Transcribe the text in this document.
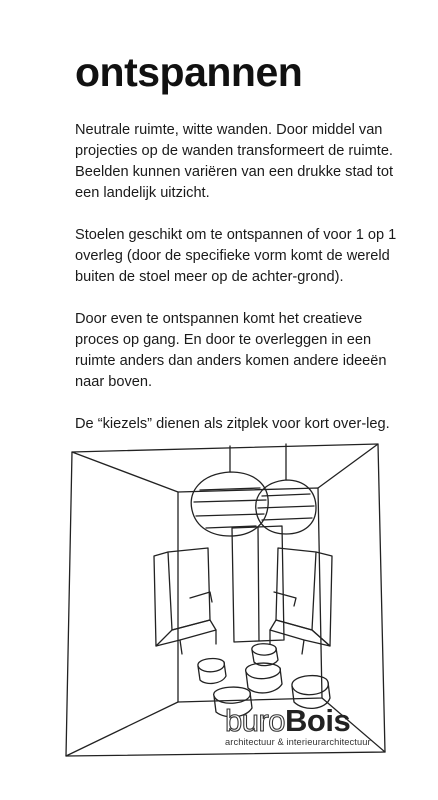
ontspannen

Neutrale ruimte, witte wanden. Door middel van projecties op de wanden transformeert de ruimte. Beelden kunnen variëren van een drukke stad tot een landelijk uitzicht.

Stoelen geschikt om te ontspannen of voor 1 op 1 overleg (door de specifieke vorm komt de wereld buiten de stoel meer op de achter-grond).

Door even te ontspannen komt het creatieve proces op gang. En door te overleggen in een ruimte anders dan anders komen andere ideeën naar boven.

De “kiezels” dienen als zitplek voor kort over-leg.

buroBois
architectuur & interieurarchitectuur
